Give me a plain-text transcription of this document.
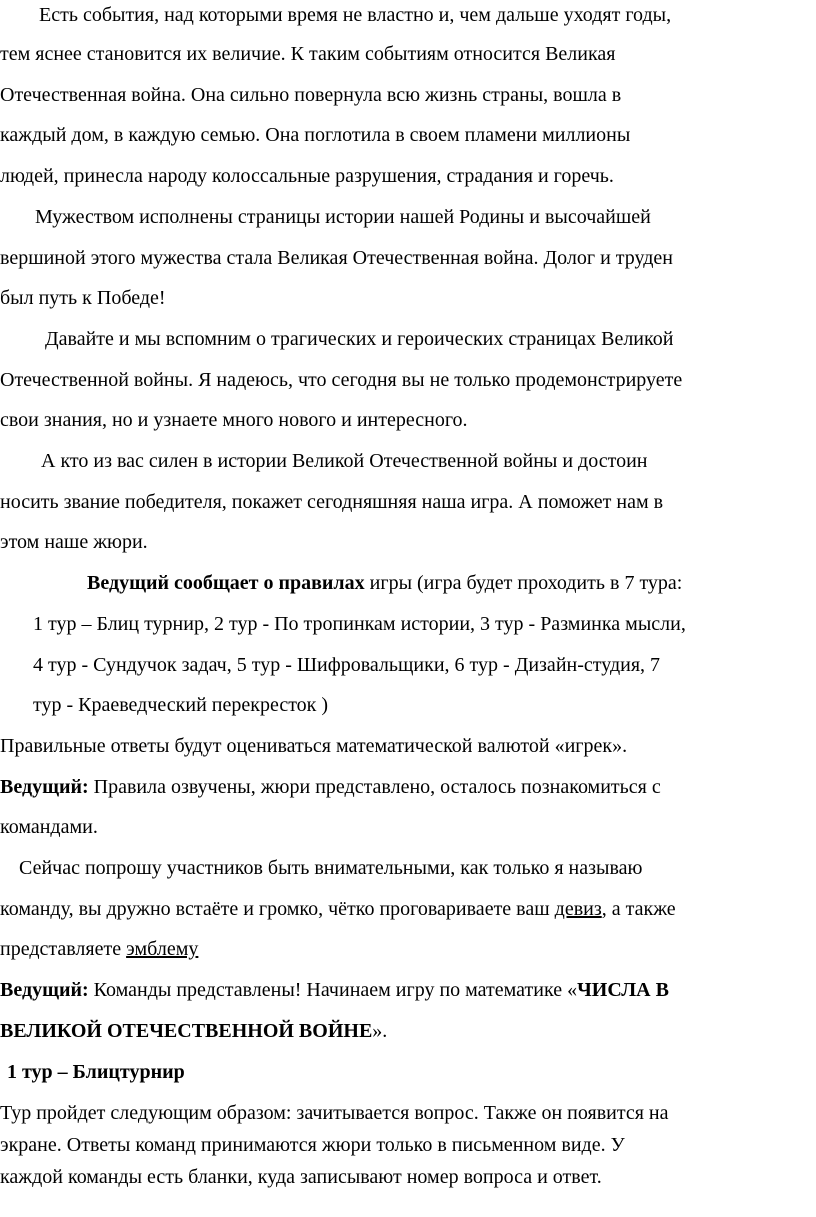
Есть события, над которыми время не властно и, чем дальше уходят годы,
тем яснее становится их величие. К таким событиям относится Великая
Отечественная война. Она сильно повернула всю жизнь страны, вошла в
каждый дом, в каждую семью. Она поглотила в своем пламени миллионы
людей, принесла народу колоссальные разрушения, страдания и горечь.
Мужеством исполнены страницы истории нашей Родины и высочайшей
вершиной этого мужества стала Великая Отечественная война. Долог и труден
был путь к Победе!
Давайте и мы вспомним о трагических и героических страницах Великой
Отечественной войны. Я надеюсь, что сегодня вы не только продемонстрируете
свои знания, но и узнаете много нового и интересного.
А кто из вас силен в истории Великой Отечественной войны и достоин
носить звание победителя, покажет сегодняшняя наша игра. А поможет нам в
этом наше жюри.
Ведущий сообщает о правилах игры (игра будет проходить в 7 тура:
1 тур – Блиц турнир, 2 тур - По тропинкам истории, 3 тур - Разминка мысли,
4 тур - Сундучок задач, 5 тур - Шифровальщики, 6 тур - Дизайн-студия, 7
тур - Краеведческий перекресток )
Правильные ответы будут оцениваться математической валютой «игрек».
Ведущий: Правила озвучены, жюри представлено, осталось познакомиться с
командами.
Сейчас попрошу участников быть внимательными, как только я называю
команду, вы дружно встаёте и громко, чётко проговариваете ваш девиз, а также
представляете эмблему
Ведущий: Команды представлены! Начинаем игру по математике «ЧИСЛА В
ВЕЛИКОЙ ОТЕЧЕСТВЕННОЙ ВОЙНЕ».
1 тур – Блицтурнир
Тур пройдет следующим образом: зачитывается вопрос. Также он появится на
экране. Ответы команд принимаются жюри только в письменном виде. У
каждой команды есть бланки, куда записывают номер вопроса и ответ.
